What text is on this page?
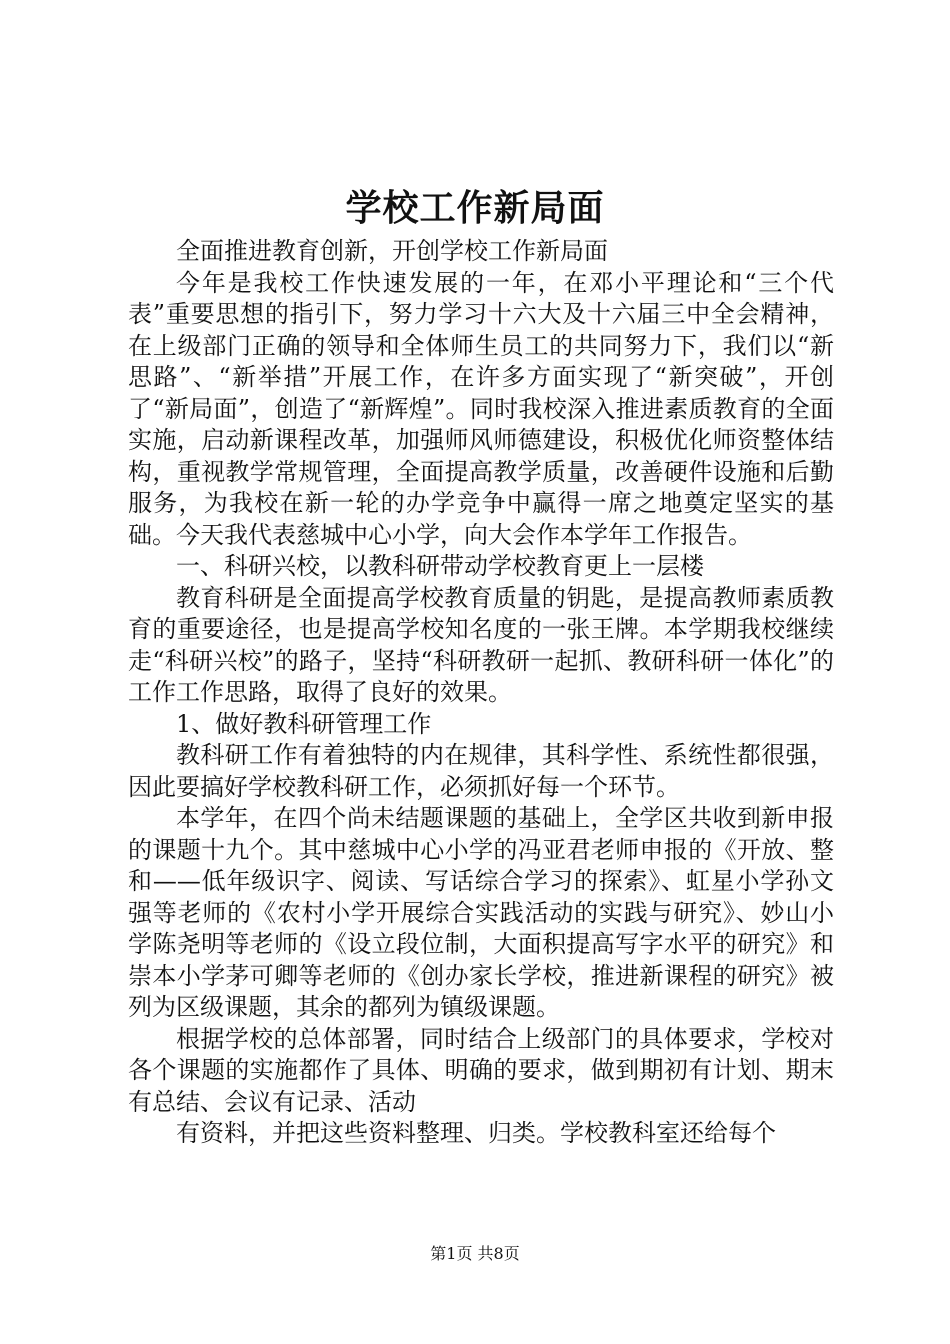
学校工作新局面

全面推进教育创新，开创学校工作新局面

今年是我校工作快速发展的一年，在邓小平理论和“三个代表”重要思想的指引下，努力学习十六大及十六届三中全会精神，在上级部门正确的领导和全体师生员工的共同努力下，我们以“新思路”、“新举措”开展工作，在许多方面实现了“新突破”，开创了“新局面”，创造了“新辉煌”。同时我校深入推进素质教育的全面实施，启动新课程改革，加强师风师德建设，积极优化师资整体结构，重视教学常规管理，全面提高教学质量，改善硬件设施和后勤服务，为我校在新一轮的办学竞争中赢得一席之地奠定坚实的基础。今天我代表慈城中心小学，向大会作本学年工作报告。

一、科研兴校，以教科研带动学校教育更上一层楼

教育科研是全面提高学校教育质量的钥匙，是提高教师素质教育的重要途径，也是提高学校知名度的一张王牌。本学期我校继续走“科研兴校”的路子，坚持“科研教研一起抓、教研科研一体化”的工作工作思路，取得了良好的效果。

1、做好教科研管理工作

教科研工作有着独特的内在规律，其科学性、系统性都很强，因此要搞好学校教科研工作，必须抓好每一个环节。

本学年，在四个尚未结题课题的基础上，全学区共收到新申报的课题十九个。其中慈城中心小学的冯亚君老师申报的《开放、整和——低年级识字、阅读、写话综合学习的探索》、虹星小学孙文强等老师的《农村小学开展综合实践活动的实践与研究》、妙山小学陈尧明等老师的《设立段位制，大面积提高写字水平的研究》和崇本小学茅可卿等老师的《创办家长学校，推进新课程的研究》被列为区级课题，其余的都列为镇级课题。

根据学校的总体部署，同时结合上级部门的具体要求，学校对各个课题的实施都作了具体、明确的要求，做到期初有计划、期末有总结、会议有记录、活动

有资料，并把这些资料整理、归类。学校教科室还给每个

第1页 共8页
